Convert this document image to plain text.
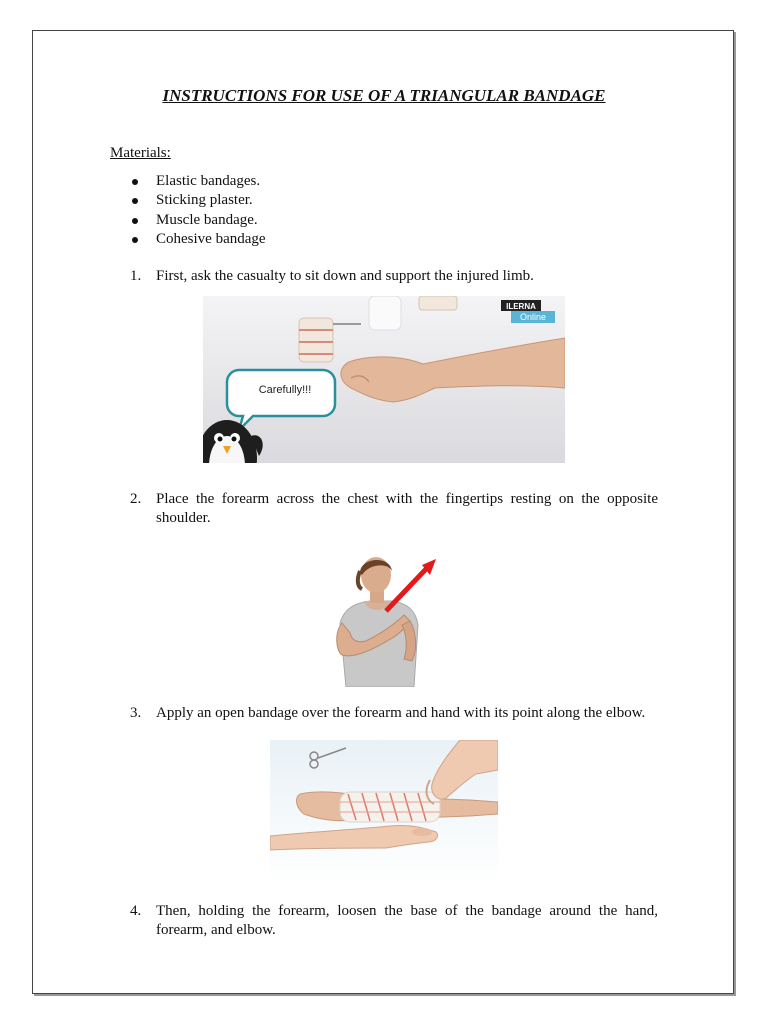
INSTRUCTIONS FOR USE OF A TRIANGULAR BANDAGE

Materials:

Elastic bandages.
Sticking plaster.
Muscle bandage.
Cohesive bandage

1. First, ask the casualty to sit down and support the injured limb.

ILERNA
Online
Carefully!!!

2. Place the forearm across the chest with the fingertips resting on the opposite shoulder.

3. Apply an open bandage over the forearm and hand with its point along the elbow.

4. Then, holding the forearm, loosen the base of the bandage around the hand, forearm, and elbow.
